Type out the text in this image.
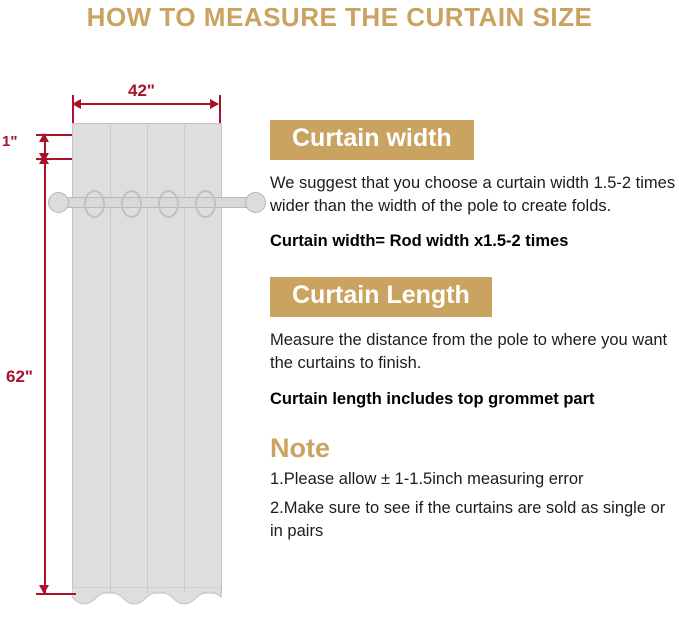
HOW TO MEASURE THE CURTAIN SIZE
42"
1"
62"
Curtain width

We suggest that you choose a curtain width 1.5-2 times wider than the width of the pole to create folds.

Curtain width= Rod width x1.5-2 times

Curtain Length

Measure the distance from the pole to where you want the curtains to finish.

Curtain length includes top grommet part

Note
1.Please allow ± 1-1.5inch measuring error
2.Make sure to see if the curtains are sold as single or in pairs
